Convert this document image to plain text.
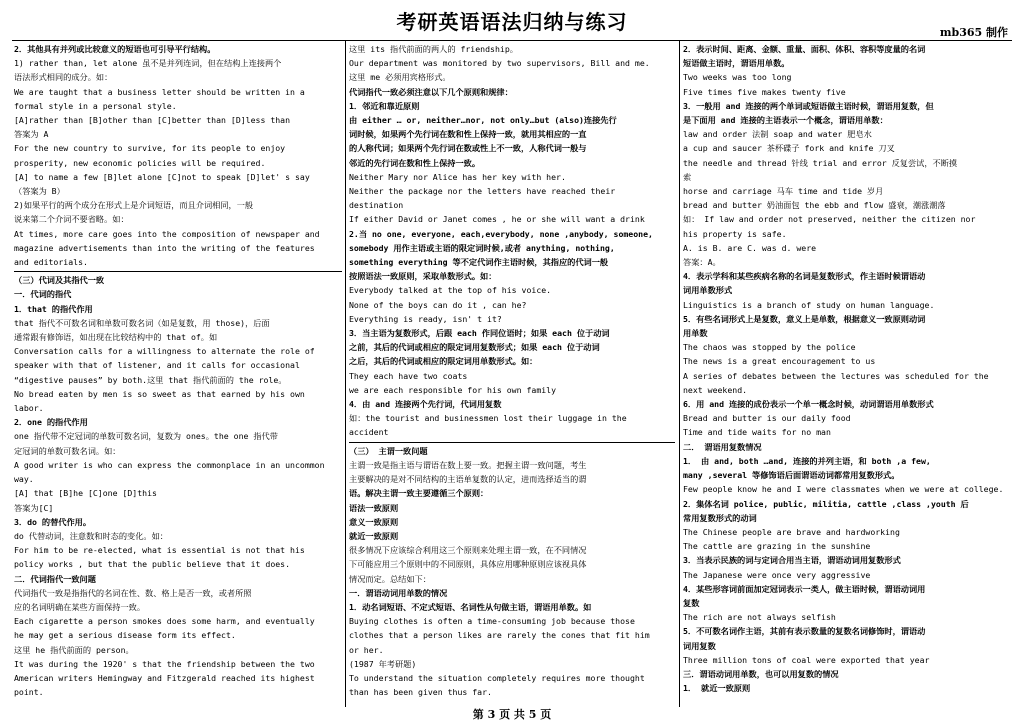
考研英语语法归纳与练习	mb365 制作
2．其他具有并列或比较意义的短语也可引导平行结构。
1) rather than, let alone 虽不是并列连词，但在结构上连接两个
语法形式相同的成分。如：
We are taught that a business letter should be written in a
formal style in a personal style.
[A]rather than [B]other than [C]better than [D]less than
答案为 A
For the new country to survive, for its people to enjoy
prosperity, new economic policies will be required.
[A] to name a few [B]let alone [C]not to speak [D]let' s say
（答案为 B）
2)如果平行的两个成分在形式上是介词短语，而且介词相同，一般
说来第二个介词不要省略。如：
At times, more care goes into the composition of newspaper and
magazine advertisements than into the writing of the features
and editorials.
（三）代词及其指代一致
一．代词的指代
1．that 的指代作用
that 指代不可数名词和单数可数名词（如是复数，用 those)，后面
通常跟有修饰语，如出现在比较结构中的 that of。如
Conversation calls for a willingness to alternate the role of
speaker with that of listener, and it calls for occasional
“digestive pauses” by both.这里 that 指代前面的 the role。
No bread eaten by men is so sweet as that earned by his own
labor.
2．one 的指代作用
one 指代带不定冠词的单数可数名词，复数为 ones。the one 指代带
定冠词的单数可数名词。如：
A good writer is who can express the commonplace in an uncommon
way.
[A] that [B]he [C]one [D]this
答案为[C]
3．do 的替代作用。
do 代替动词，注意数和时态的变化。如：
For him to be re-elected, what is essential is not that his
policy works , but that the public believe that it does.
二．代词指代一致问题
代词指代一致是指指代的名词在性、数、格上是否一致，或者所照
应的名词明确在某些方面保持一致。
Each cigarette a person smokes does some harm, and eventually
he may get a serious disease form its effect.
这里 he 指代前面的 person。
It was during the 1920' s that the friendship between the two
American writers Hemingway and Fitzgerald reached its highest
point.
这里 its 指代前面的两人的 friendship。
Our department was monitored by two supervisors, Bill and me.
这里 me 必须用宾格形式。
代词指代一致必须注意以下几个原则和规律：
1．邻近和靠近原则
由 either … or, neither…nor, not only…but (also)连接先行
词时候，如果两个先行词在数和性上保持一致，就用其相应的一直
的人称代词；如果两个先行词在数或性上不一致，人称代词一般与
邻近的先行词在数和性上保持一致。
Neither Mary nor Alice has her key with her.
Neither the package nor the letters have reached their
destination
If either David or Janet comes , he or she will want a drink
2.当 no one, everyone, each,everybody, none ,anybody, someone,
somebody 用作主语或主语的限定词时候,或者 anything, nothing,
something everything 等不定代词作主语时候，其指应的代词一般
按照语法一致原则，采取单数形式。如：
Everybody talked at the top of his voice.
None of the boys can do it , can he?
Everything is ready, isn' t it?
3．当主语为复数形式，后跟 each 作同位语时；如果 each 位于动词
之前，其后的代词或相应的限定词用复数形式；如果 each 位于动词
之后，其后的代词或相应的限定词用单数形式。如：
They each have two coats
we are each responsible for his own family
4．由 and 连接两个先行词，代词用复数
如：the tourist and businessmen lost their luggage in the
accident
（三） 主谓一致问题
主谓一致是指主语与谓语在数上要一致。把握主谓一致问题，考生
主要解决的是对不同结构的主语单复数的认定，进而选择适当的谓
语。解决主谓一致主要遵循三个原则：
语法一致原则
意义一致原则
就近一致原则
很多情况下应该综合利用这三个原则来处理主谓一致，在不同情况
下可能应用三个原则中的不同原则，具体应用哪种原则应该视具体
情况而定。总结如下：
一．谓语动词用单数的情况
1．动名词短语、不定式短语、名词性从句做主语，谓语用单数。如
Buying clothes is often a time-consuming job because those
clothes that a person likes are rarely the cones that fit him
or her.
(1987 年考研题)
To understand the situation completely requires more thought
than has been given thus far.
2．表示时间、距离、金额、重量、面积、体积、容积等度量的名词
短语做主语时，谓语用单数。
Two weeks was too long
Five times five makes twenty five
3．一般用 and 连接的两个单词或短语做主语时候，谓语用复数，但
是下面用 and 连接的主语表示一个概念，谓语用单数：
law and order 法制 soap and water 肥皂水
a cup and saucer 茶杯碟子 fork and knife 刀叉
the needle and thread 针线 trial and error 反复尝试，不断摸
索
horse and carriage 马车 time and tide 岁月
bread and butter 奶油面包 the ebb and flow 盛衰，潮涨潮落
如： If law and order not preserved, neither the citizen nor
his property is safe.
A. is B. are C. was d. were
答案：A。
4．表示学科和某些疾病名称的名词是复数形式，作主语时候谓语动
词用单数形式
Linguistics is a branch of study on human language.
5．有些名词形式上是复数，意义上是单数，根据意义一致原则动词
用单数
The chaos was stopped by the police
The news is a great encouragement to us
A series of debates between the lectures was scheduled for the
next weekend.
6．用 and 连接的成份表示一个单一概念时候，动词谓语用单数形式
Bread and butter is our daily food
Time and tide waits for no man
二． 谓语用复数情况
1． 由 and, both …and, 连接的并列主语，和 both ,a few,
many ,several 等修饰语后面谓语动词都常用复数形式。
Few people know he and I were classmates when we were at college.
2．集体名词 police, public, militia, cattle ,class ,youth 后
常用复数形式的动词
The Chinese people are brave and hardworking
The cattle are grazing in the sunshine
3．当表示民族的词与定词合用当主语，谓语动词用复数形式
The Japanese were once very aggressive
4．某些形容词前面加定冠词表示一类人，做主语时候，谓语动词用
复数
The rich are not always selfish
5．不可数名词作主语，其前有表示数量的复数名词修饰时，谓语动
词用复数
Three million tons of coal were exported that year
三．谓语动词用单数，也可以用复数的情况
1． 就近一致原则
第 3 页 共 5 页
